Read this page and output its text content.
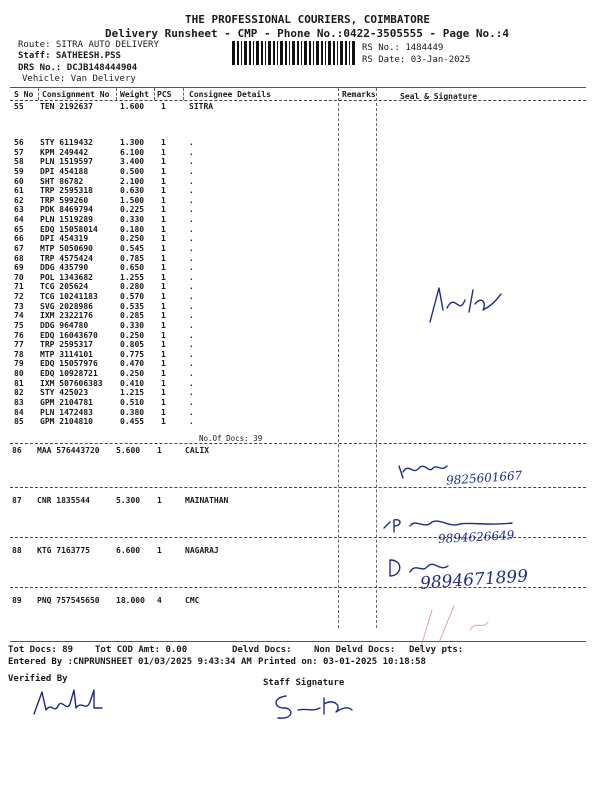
THE PROFESSIONAL COURIERS, COIMBATORE
Delivery Runsheet - CMP - Phone No.:0422-3505555 - Page No.:4
Route: SITRA AUTO DELIVERY
Staff: SATHEESH.PSS
DRS No.: DCJB148444904
Vehicle: Van Delivery
RS No.: 1484449
RS Date: 03-Jan-2025
S No Consignment No Weight PCS Consignee Details	Remarks	Seal & Signature
55 TEN 2192637	1.600 1	SITRA
56 STY 6119432	1.300 1	.
57 KPM 249442	6.100 1	.
58 PLN 1519597	3.400 1	.
59 DPI 454188	0.500 1	.
60 SHT 86782	2.100 1	.
61 TRP 2595318	0.630 1	.
62 TRP 599260	1.500 1	.
63 PDK 8469794	0.225 1	.
64 PLN 1519289	0.330 1	.
65 EDQ 15058014	0.180 1	.
66 DPI 454319	0.250 1	.
67 MTP 5050690	0.545 1	.
68 TRP 4575424	0.785 1	.
69 DDG 435790	0.650 1	.
70 POL 1343682	1.255 1	.
71 TCG 205624	0.280 1	.
72 TCG 10241183	0.570 1	.
73 SVG 2028986	0.535 1	.
74 IXM 2322176	0.285 1	.
75 DDG 964780	0.330 1	.
76 EDQ 16043670	0.250 1	.
77 TRP 2595317	0.805 1	.
78 MTP 3114101	0.775 1	.
79 EDQ 15057976	0.470 1	.
80 EDQ 10928721	0.250 1	.
81 IXM 507606383 0.410 1	.
82 STY 425023	1.215 1	.
83 GPM 2104781	0.510 1	.
84 PLN 1472483	0.380 1	.
85 GPM 2104810	0.455 1	.
No.Of Docs: 39
86 MAA 576443720 5.600 1	CALIX
87 CNR 1835544	5.300 1	MAINATHAN
88 KTG 7163775	6.600 1	NAGARAJ
89 PNQ 757545650 18.000 4	CMC
9825601667
9894626649
9894671899
Tot Docs: 89 Tot COD Amt: 0.00	Delvd Docs: Non Delvd Docs: Delvy pts:
Entered By :CNPRUNSHEET 01/03/2025 9:43:34 AM Printed on: 03-01-2025 10:18:58
Verified By	Staff Signature
